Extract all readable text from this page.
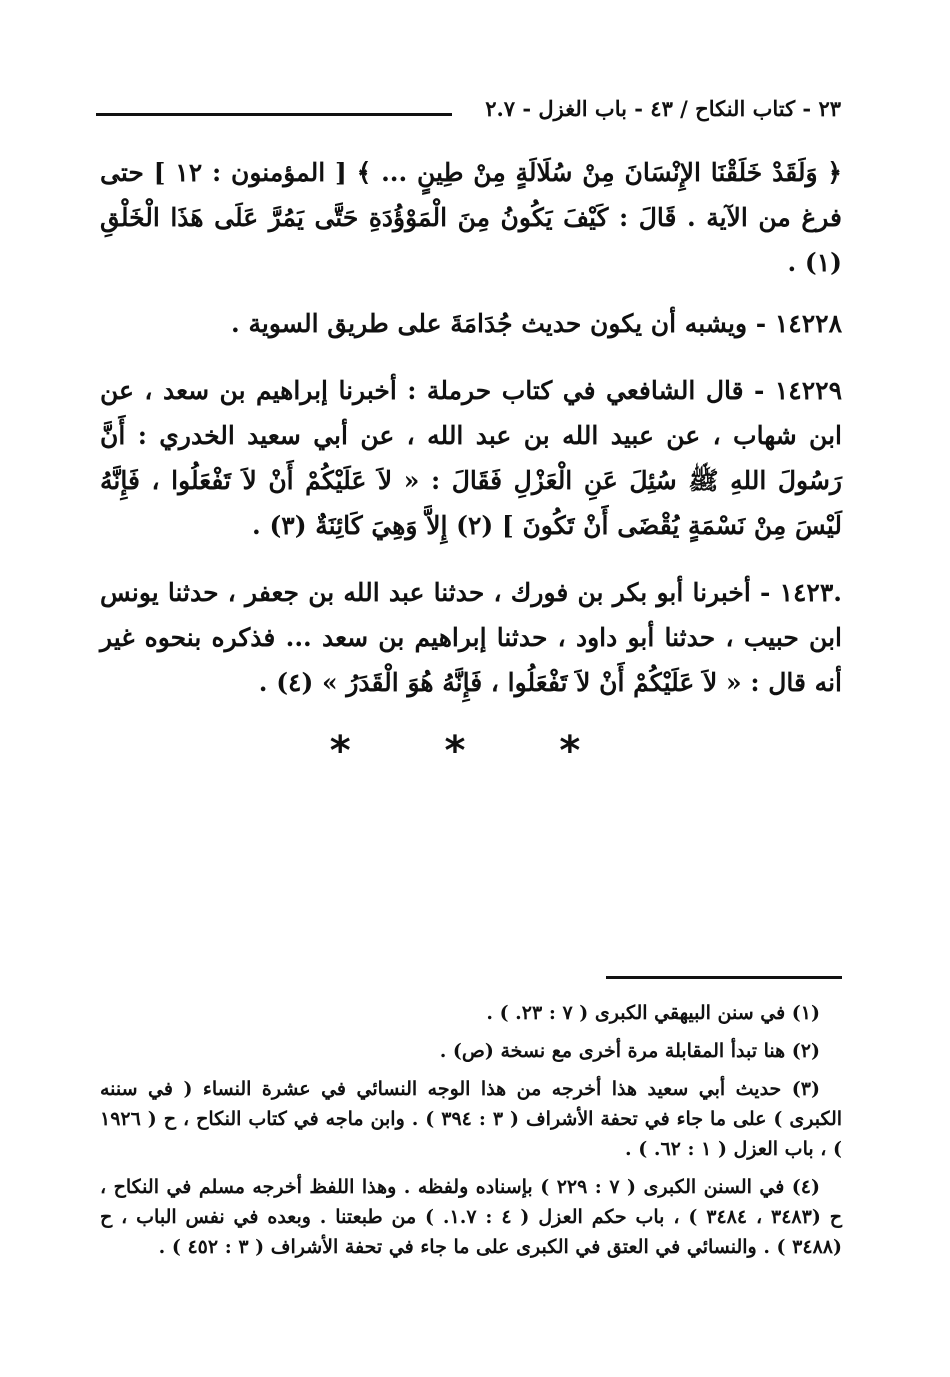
٢٣ - كتاب النكاح / ٤٣ - باب الغزل - ٢.٧

﴿ وَلَقَدْ خَلَقْنَا الإِنْسَانَ مِنْ سُلَالَةٍ مِنْ طِينٍ ... ﴾ [ المؤمنون : ١٢ ] حتى فرغ من الآية . قَالَ : كَيْفَ يَكُونُ مِنَ الْمَوْؤُدَةِ حَتَّى يَمُرَّ عَلَى هَذَا الْخَلْقِ (١) .

١٤٢٢٨ - ويشبه أن يكون حديث جُدَامَةَ على طريق السوية .

١٤٢٢٩ - قال الشافعي في كتاب حرملة : أخبرنا إبراهيم بن سعد ، عن ابن شهاب ، عن عبيد الله بن عبد الله ، عن أبي سعيد الخدري : أَنَّ رَسُولَ اللهِ ﷺ سُئِلَ عَنِ الْعَزْلِ فَقَالَ : « لاَ عَلَيْكُمْ أَنْ لاَ تَفْعَلُوا ، فَإِنَّهُ لَيْسَ مِنْ نَسْمَةٍ يُقْضَى أَنْ تَكُونَ ] (٢) إِلاَّ وَهِيَ كَائِنَةٌ (٣) .

.١٤٢٣ - أخبرنا أبو بكر بن فورك ، حدثنا عبد الله بن جعفر ، حدثنا يونس ابن حبيب ، حدثنا أبو داود ، حدثنا إبراهيم بن سعد ... فذكره بنحوه غير أنه قال : « لاَ عَلَيْكُمْ أَنْ لاَ تَفْعَلُوا ، فَإِنَّهُ هُوَ الْقَدَرُ » (٤) .

* * *

(١) في سنن البيهقي الكبرى ( ٧ : ٢٣. ) .

(٢) هنا تبدأ المقابلة مرة أخرى مع نسخة (ص) .

(٣) حديث أبي سعيد هذا أخرجه من هذا الوجه النسائي في عشرة النساء ( في سننه الكبرى ) على ما جاء في تحفة الأشراف ( ٣ : ٣٩٤ ) . وابن ماجه في كتاب النكاح ، ح ( ١٩٢٦ ) ، باب العزل ( ١ : ٦٢. ) .

(٤) في السنن الكبرى ( ٧ : ٢٢٩ ) بإسناده ولفظه . وهذا اللفظ أخرجه مسلم في النكاح ، ح (٣٤٨٣ ، ٣٤٨٤ ) ، باب حكم العزل ( ٤ : ١.٧. ) من طبعتنا . وبعده في نفس الباب ، ح (٣٤٨٨ ) . والنسائي في العتق في الكبرى على ما جاء في تحفة الأشراف ( ٣ : ٤٥٢ ) .
